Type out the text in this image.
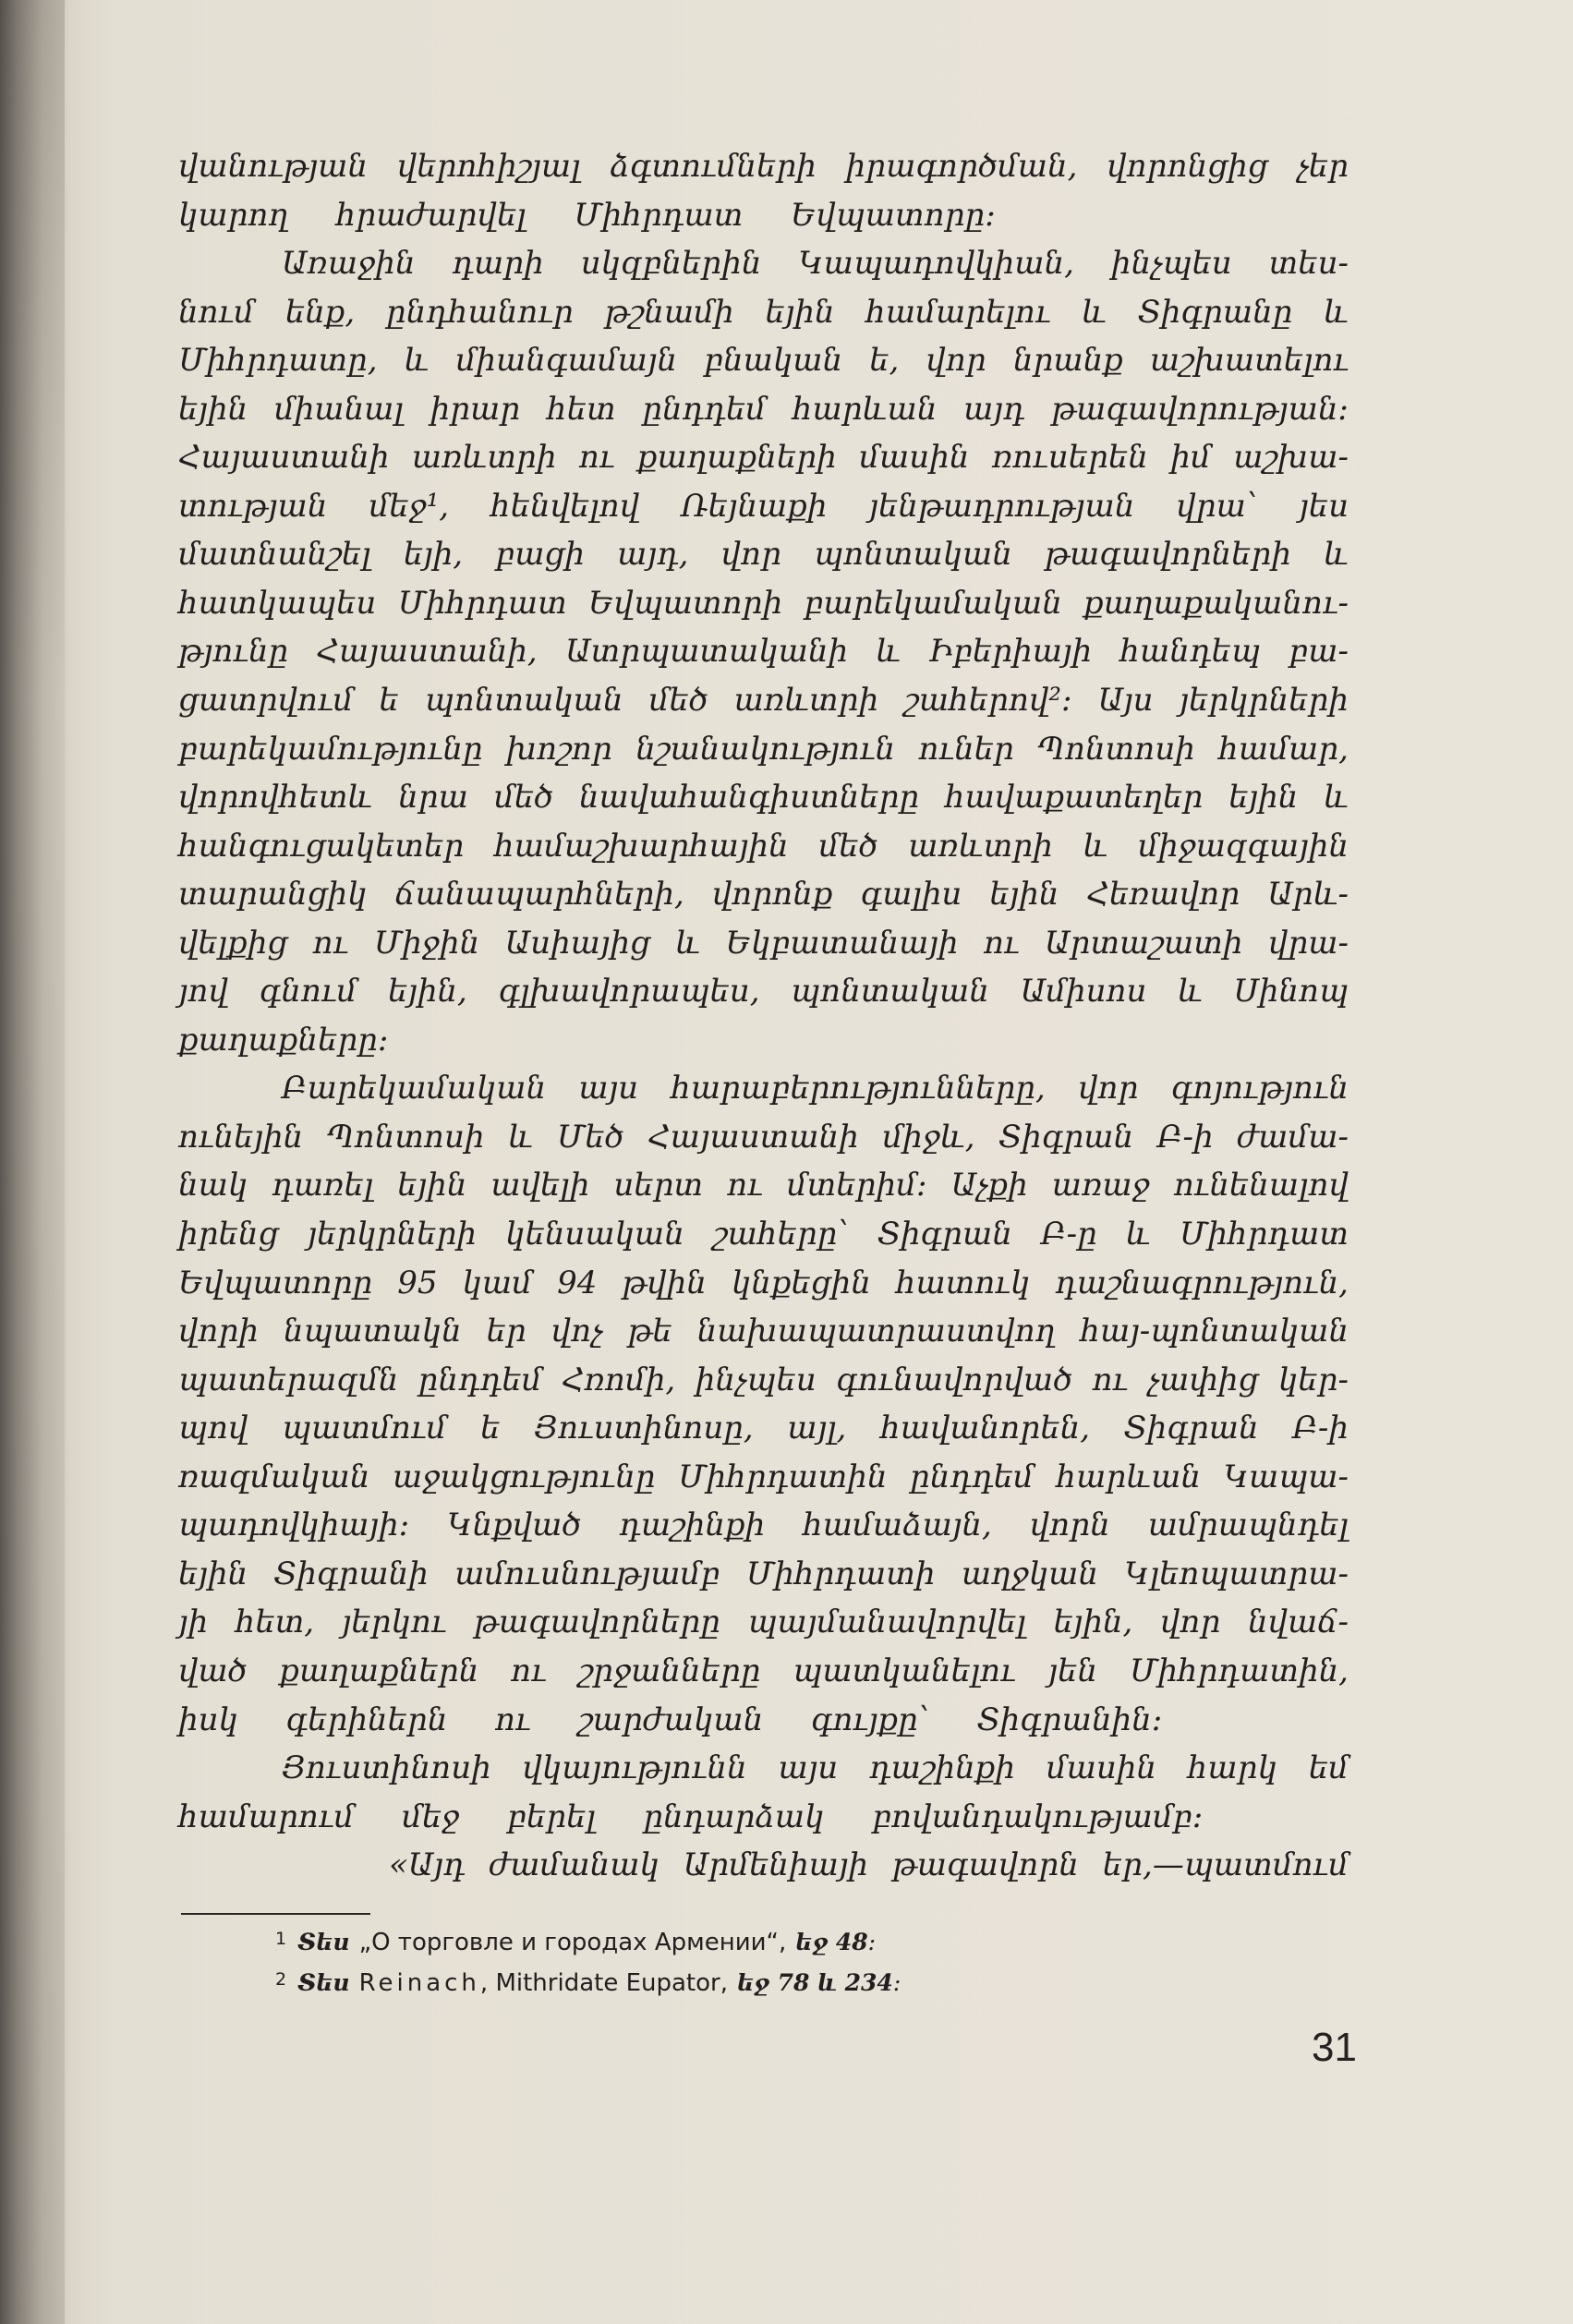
վանության վերոհիշյալ ձգտումների իրագործման, վորոնցից չեր
կարող հրաժարվել Միհրդատ Եվպատորը։
Առաջին դարի սկզբներին Կապադովկիան, ինչպես տես-
նում ենք, ընդհանուր թշնամի եյին համարելու և Տիգրանը և
Միհրդատը, և միանգամայն բնական ե, վոր նրանք աշխատելու
եյին միանալ իրար հետ ընդդեմ հարևան այդ թագավորության։
Հայաստանի առևտրի ու քաղաքների մասին ռուսերեն իմ աշխա-
տության մեջ¹, հենվելով Ռեյնաքի յենթադրության վրա՝ յես
մատնանշել եյի, բացի այդ, վոր պոնտական թագավորների և
հատկապես Միհրդատ Եվպատորի բարեկամական քաղաքականու-
թյունը Հայաստանի, Ատրպատականի և Իբերիայի հանդեպ բա-
ցատրվում ե պոնտական մեծ առևտրի շահերով²։ Այս յերկրների
բարեկամությունը խոշոր նշանակություն ուներ Պոնտոսի համար,
վորովհետև նրա մեծ նավահանգիստները հավաքատեղեր եյին և
հանգուցակետեր համաշխարհային մեծ առևտրի և միջազգային
տարանցիկ ճանապարհների, վորոնք գալիս եյին Հեռավոր Արև-
վելքից ու Միջին Ասիայից և Եկբատանայի ու Արտաշատի վրա-
յով գնում եյին, գլխավորապես, պոնտական Ամիսոս և Սինոպ
քաղաքները։
Բարեկամական այս հարաբերությունները, վոր գոյություն
ունեյին Պոնտոսի և Մեծ Հայաստանի միջև, Տիգրան Բ-ի ժամա-
նակ դառել եյին ավելի սերտ ու մտերիմ։ Աչքի առաջ ունենալով
իրենց յերկրների կենսական շահերը՝ Տիգրան Բ-ը և Միհրդատ
Եվպատորը 95 կամ 94 թվին կնքեցին հատուկ դաշնագրություն,
վորի նպատակն եր վոչ թե նախապատրաստվող հայ-պոնտական
պատերազմն ընդդեմ Հռոմի, ինչպես գունավորված ու չափից կեր-
պով պատմում ե Յուստինոսը, այլ, հավանորեն, Տիգրան Բ-ի
ռազմական աջակցությունը Միհրդատին ընդդեմ հարևան Կապա-
պադովկիայի։ Կնքված դաշինքի համաձայն, վորն ամրապնդել
եյին Տիգրանի ամուսնությամբ Միհրդատի աղջկան Կլեոպատրա-
յի հետ, յերկու թագավորները պայմանավորվել եյին, վոր նվաճ-
ված քաղաքներն ու շրջանները պատկանելու յեն Միհրդատին,
իսկ գերիներն ու շարժական գույքը՝ Տիգրանին։
Յուստինոսի վկայությունն այս դաշինքի մասին հարկ եմ
համարում մեջ բերել ընդարձակ բովանդակությամբ։
«Այդ ժամանակ Արմենիայի թագավորն եր,—պատմում
$^1$ Տես „О торговле и городах Армении“, եջ 48։
$^2$ Տես Reinach, Mithridate Eupator, եջ 78 և 234։
31
